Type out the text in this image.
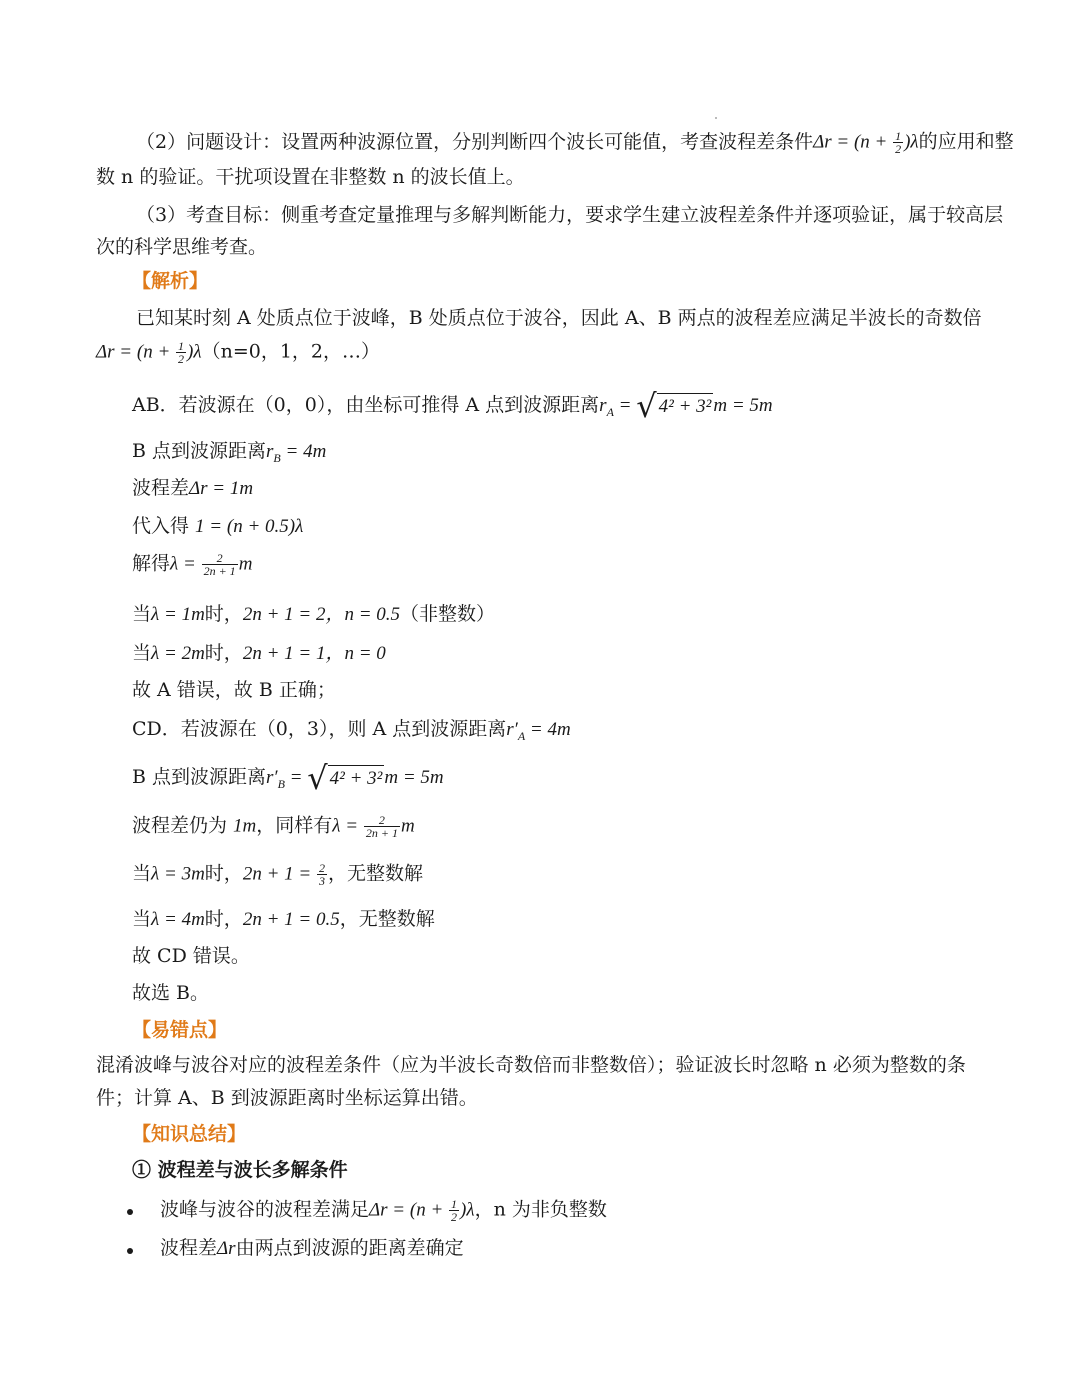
（2）问题设计：设置两种波源位置，分别判断四个波长可能值，考查波程差条件$\Delta r = (n + \frac{1}{2} )\lambda$的应用和整
数 n 的验证。干扰项设置在非整数 n 的波长值上。
（3）考查目标：侧重考查定量推理与多解判断能力，要求学生建立波程差条件并逐项验证，属于较高层
次的科学思维考查。
【解析】
已知某时刻 A 处质点位于波峰，B 处质点位于波谷，因此 A、B 两点的波程差应满足半波长的奇数倍
$\Delta r = (n + \frac{1}{2} )\lambda(n=0$，1，2，…）
AB．若波源在（0，0），由坐标可推得 A 点到波源距离$r_A$ = √ 4² + 3² m = 5m
B 点到波源距离$r_B = 4m$
波程差Δr = 1m
代入得 1 = (n + 0.5)λ
解得$\lambda = \frac{2}{2n + 1}$ m
当λ = 1m时，2n + 1 = 2，n = 0.5（非整数）
当λ = 2m时，2n + 1 = 1，n = 0
故 A 错误，故 B 正确；
CD．若波源在（0，3），则 A 点到波源距离$r'_A = 4m$
B 点到波源距离$r'_B$ = √ 4² + 3² m = 5m
波程差仍为 1m，同样有$\lambda = \frac{2}{2n + 1}$ m
当λ = 3m时，$2n + 1 = \frac{2}{3}$ ，无整数解
当λ = 4m时，2n + 1 = 0.5，无整数解
故 CD 错误。
故选 B。
【易错点】
混淆波峰与波谷对应的波程差条件（应为半波长奇数倍而非整数倍）；验证波长时忽略 n 必须为整数的条
件；计算 A、B 到波源距离时坐标运算出错。
【知识总结】
① 波程差与波长多解条件
波峰与波谷的波程差满足$\Delta r = (n + \frac{1}{2} )\lambda$，n 为非负整数
波程差Δr由两点到波源的距离差确定
